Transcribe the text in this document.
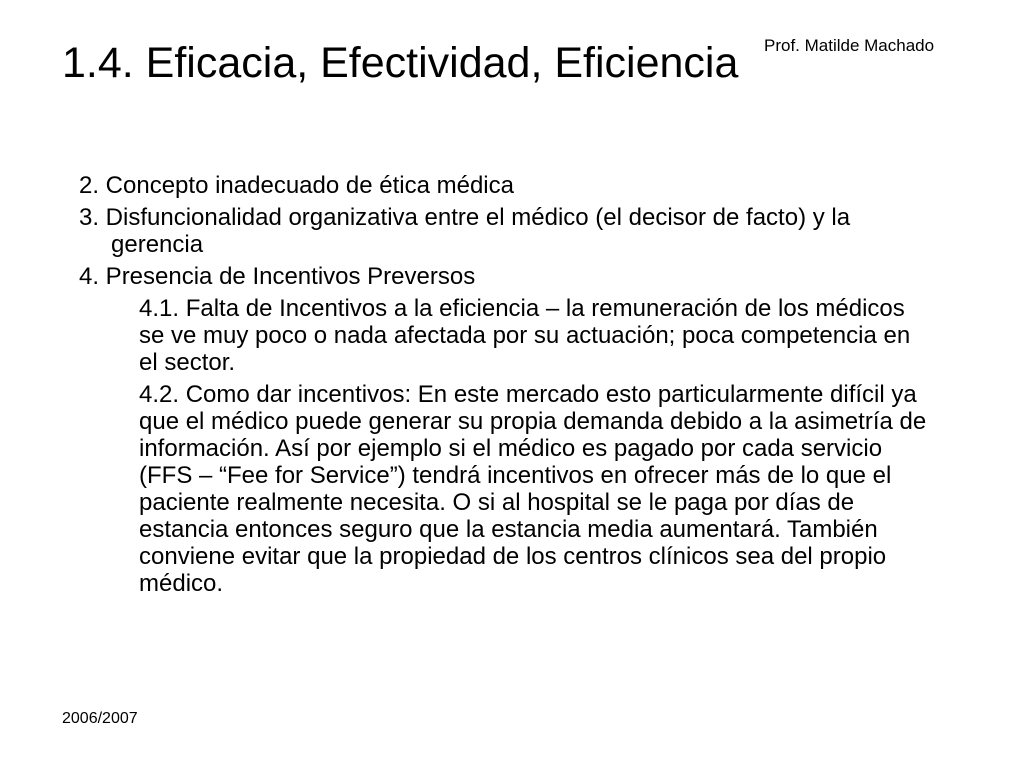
Prof. Matilde Machado
1.4. Eficacia, Efectividad, Eficiencia
2. Concepto inadecuado de ética médica
3. Disfuncionalidad organizativa entre el médico (el decisor de facto) y la gerencia
4. Presencia de Incentivos Preversos
4.1. Falta de Incentivos a la eficiencia – la remuneración de los médicos se ve muy poco o nada afectada por su actuación; poca competencia en el sector.
4.2. Como dar incentivos: En este mercado esto particularmente difícil ya que el médico puede generar su propia demanda debido a la asimetría de información. Así por ejemplo si el médico es pagado por cada servicio (FFS – “Fee for Service”) tendrá incentivos en ofrecer más de lo que el paciente realmente necesita. O si al hospital se le paga por días de estancia entonces seguro que la estancia media aumentará. También conviene evitar que la propiedad de los centros clínicos sea del propio médico.
2006/2007
